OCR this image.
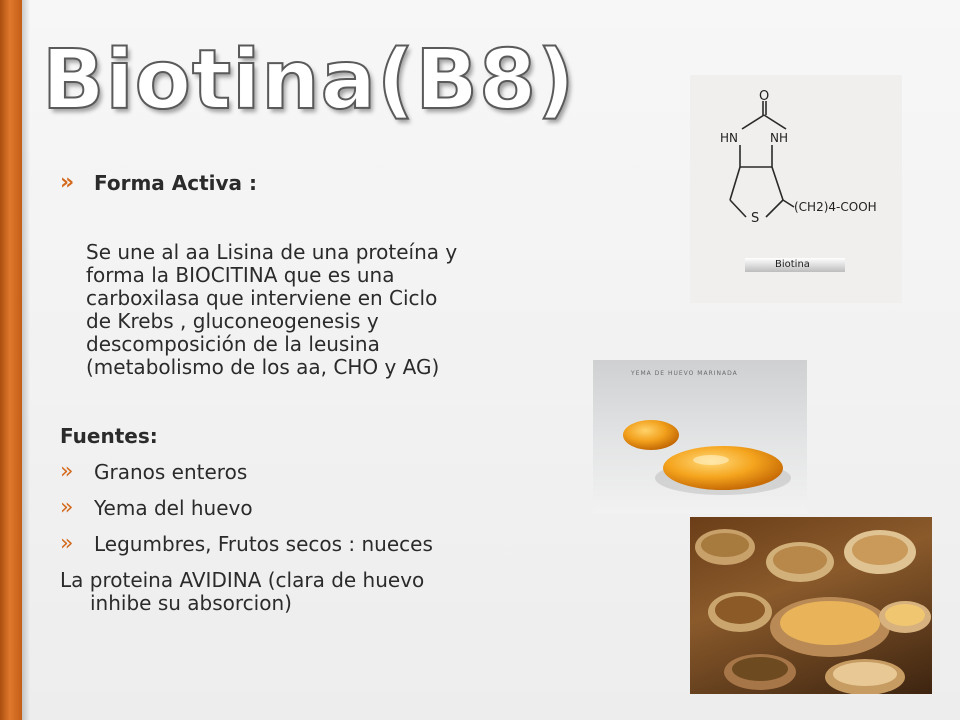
Biotina(B8)
» Forma Activa :
Se une al aa Lisina de una proteína y
forma la BIOCITINA que es una
carboxilasa que interviene en Ciclo
de Krebs , gluconeogenesis y
descomposición de la leusina
(metabolismo de los aa, CHO y AG)
Fuentes:
» Granos enteros
» Yema del huevo
» Legumbres, Frutos secos : nueces
La proteina AVIDINA (clara de huevo
inhibe su absorcion)
O
HN	NH
S
(CH2)4-COOH
Biotina
YEMA DE HUEVO MARINADA
